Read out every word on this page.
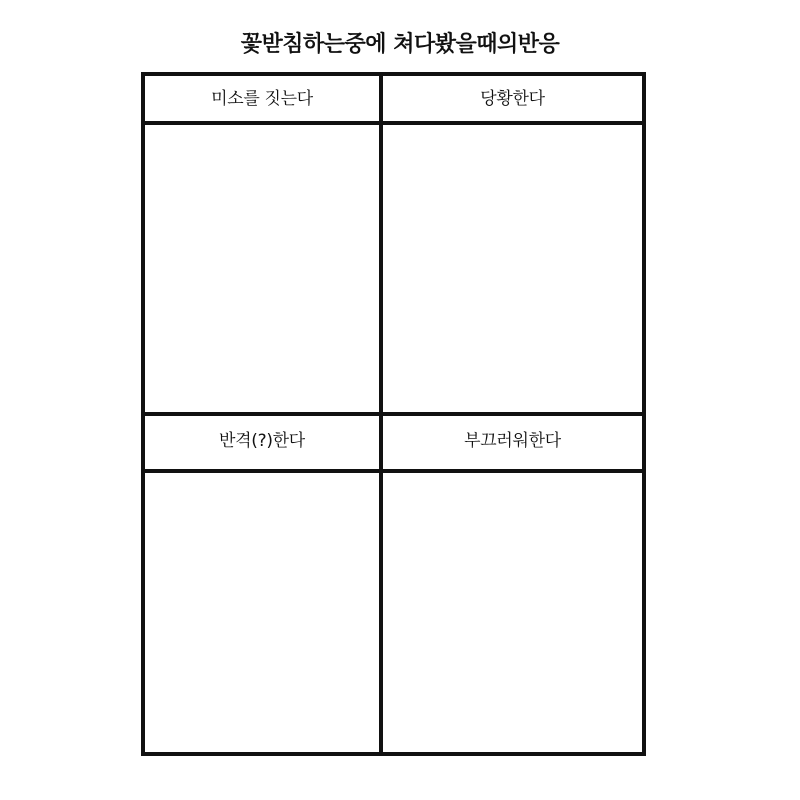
꽃받침하는중에 쳐다봤을때의반응
미소를 짓는다	당황한다
반격(?)한다	부끄러워한다
